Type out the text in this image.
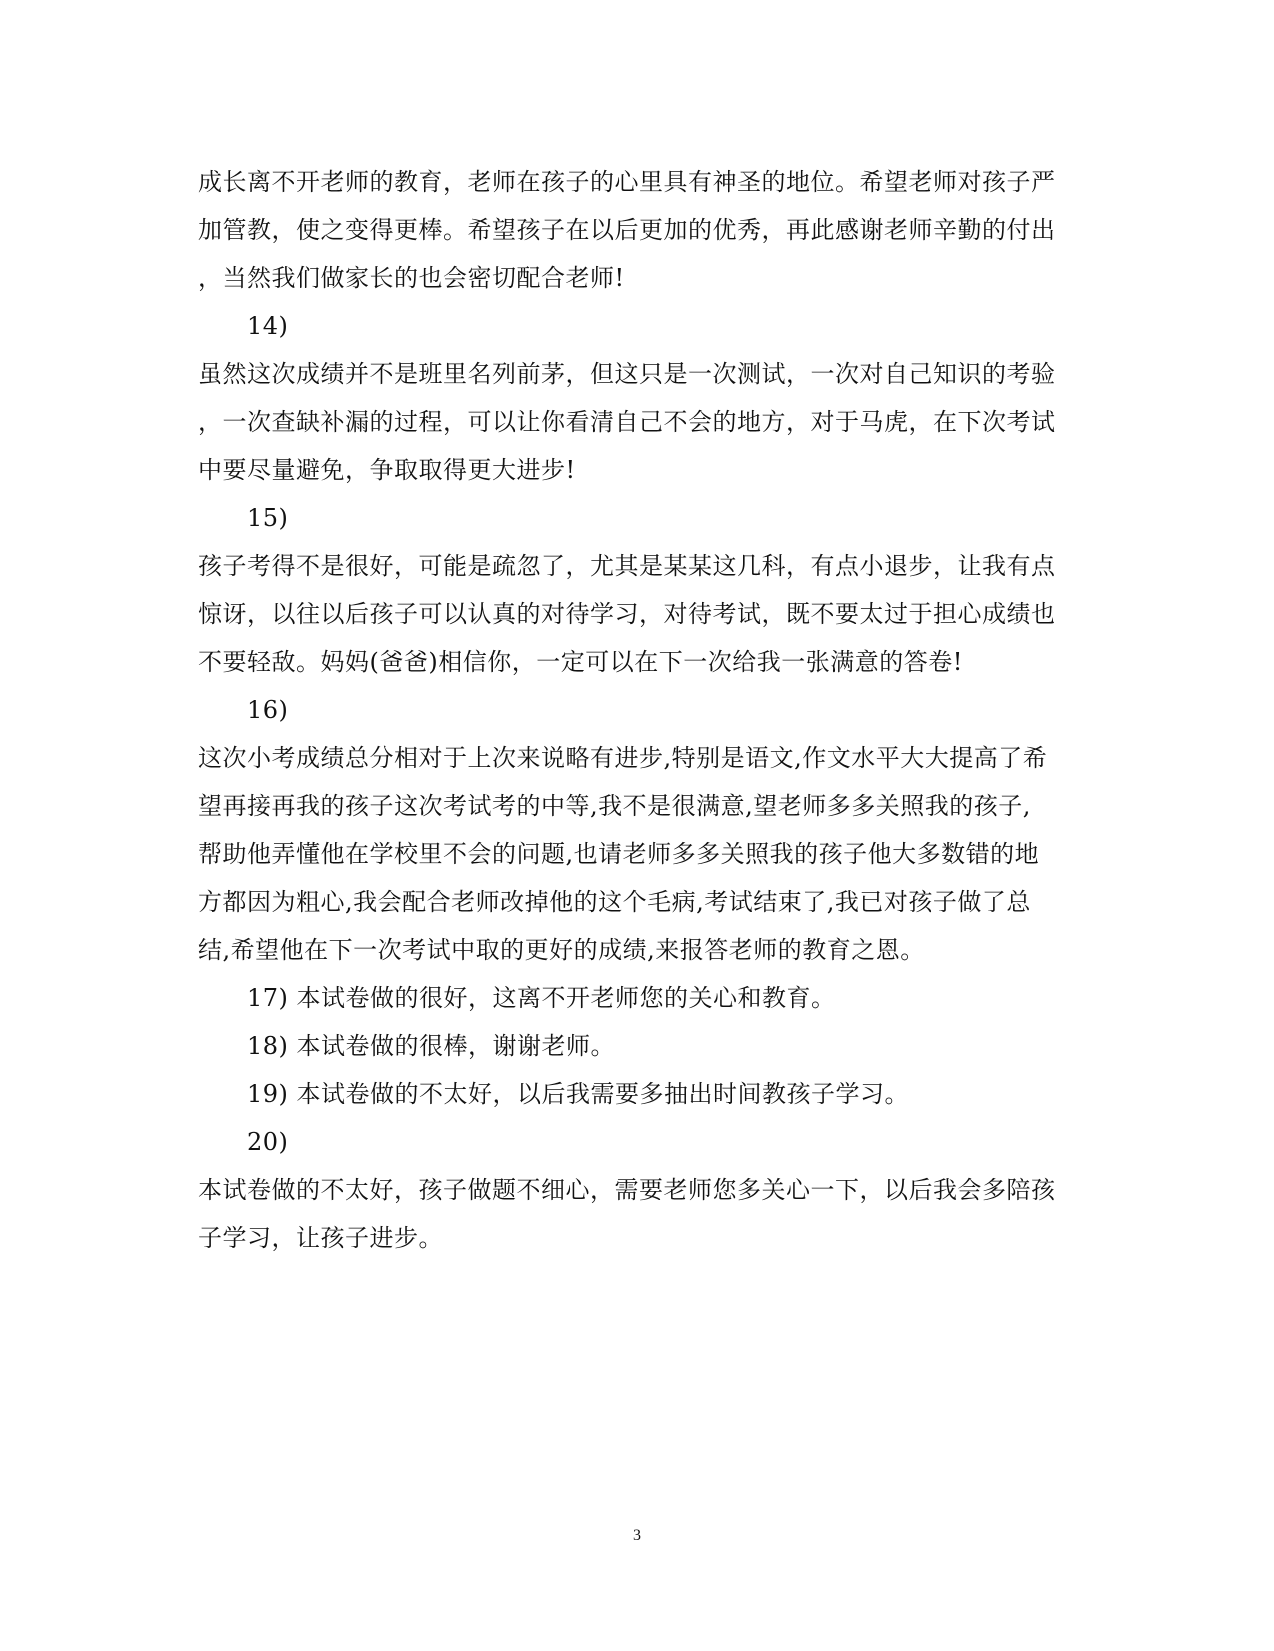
成长离不开老师的教育，老师在孩子的心里具有神圣的地位。希望老师对孩子严
加管教，使之变得更棒。希望孩子在以后更加的优秀，再此感谢老师辛勤的付出
，当然我们做家长的也会密切配合老师!
14)
虽然这次成绩并不是班里名列前茅，但这只是一次测试，一次对自己知识的考验
，一次查缺补漏的过程，可以让你看清自己不会的地方，对于马虎，在下次考试
中要尽量避免，争取取得更大进步!
15)
孩子考得不是很好，可能是疏忽了，尤其是某某这几科，有点小退步，让我有点
惊讶，以往以后孩子可以认真的对待学习，对待考试，既不要太过于担心成绩也
不要轻敌。妈妈(爸爸)相信你，一定可以在下一次给我一张满意的答卷!
16)
这次小考成绩总分相对于上次来说略有进步,特别是语文,作文水平大大提高了希
望再接再我的孩子这次考试考的中等,我不是很满意,望老师多多关照我的孩子,
帮助他弄懂他在学校里不会的问题,也请老师多多关照我的孩子他大多数错的地
方都因为粗心,我会配合老师改掉他的这个毛病,考试结束了,我已对孩子做了总
结,希望他在下一次考试中取的更好的成绩,来报答老师的教育之恩。
17) 本试卷做的很好，这离不开老师您的关心和教育。
18) 本试卷做的很棒，谢谢老师。
19) 本试卷做的不太好，以后我需要多抽出时间教孩子学习。
20)
本试卷做的不太好，孩子做题不细心，需要老师您多关心一下，以后我会多陪孩
子学习，让孩子进步。
3
